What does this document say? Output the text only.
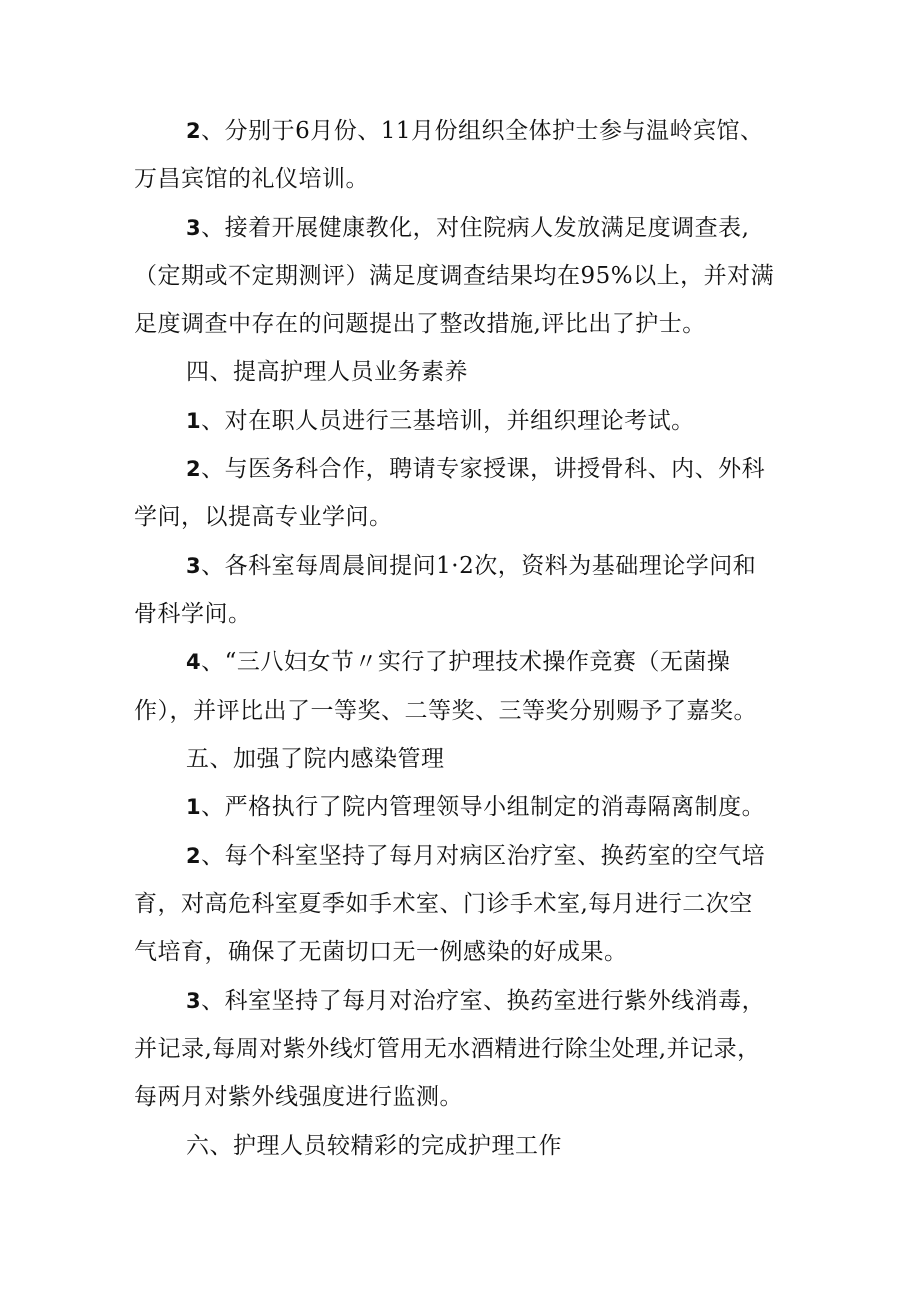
2、分别于6月份、11月份组织全体护士参与温岭宾馆、
万昌宾馆的礼仪培训。
3、接着开展健康教化，对住院病人发放满足度调查表,
（定期或不定期测评）满足度调查结果均在95%以上，并对满
足度调查中存在的问题提出了整改措施,评比出了护士。
四、提高护理人员业务素养
1、对在职人员进行三基培训，并组织理论考试。
2、与医务科合作，聘请专家授课，讲授骨科、内、外科
学问，以提高专业学问。
3、各科室每周晨间提问1·2次，资料为基础理论学问和
骨科学问。
4、“三八妇女节〃实行了护理技术操作竞赛（无菌操
作），并评比出了一等奖、二等奖、三等奖分别赐予了嘉奖。
五、加强了院内感染管理
1、严格执行了院内管理领导小组制定的消毒隔离制度。
2、每个科室坚持了每月对病区治疗室、换药室的空气培
育，对高危科室夏季如手术室、门诊手术室,每月进行二次空
气培育，确保了无菌切口无一例感染的好成果。
3、科室坚持了每月对治疗室、换药室进行紫外线消毒，
并记录,每周对紫外线灯管用无水酒精进行除尘处理,并记录，
每两月对紫外线强度进行监测。
六、护理人员较精彩的完成护理工作
